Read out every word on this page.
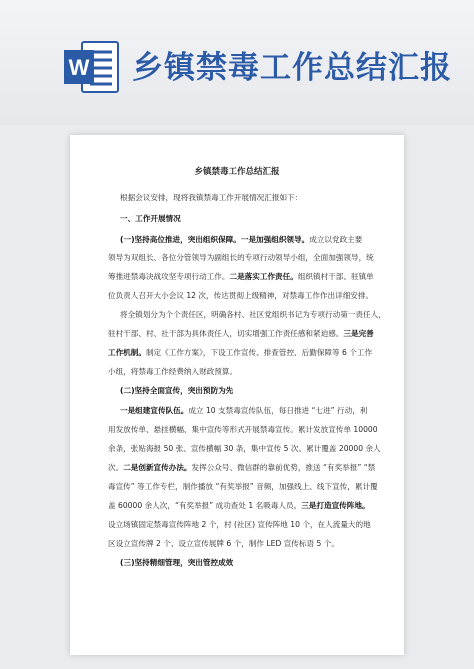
W 乡镇禁毒工作总结汇报
乡镇禁毒工作总结汇报
根据会议安排，现将我镇禁毒工作开展情况汇报如下：
一、工作开展情况
(一)坚持高位推进，突出组织保障。一是加强组织领导。成立以党政主要
领导为双组长、各位分管领导为副组长的专项行动领导小组，全面加强领导，统
筹推进禁毒决战攻坚专项行动工作。二是落实工作责任。组织镇村干部、驻镇单
位负责人召开大小会议 12 次，传达贯彻上级精神，对禁毒工作作出详细安排。
将全镇划分为个个责任区，明确各村、社区党组织书记为专项行动第一责任人，
驻村干部、村、社干部为具体责任人，切实增强工作责任感和紧迫感。三是完善
工作机制。制定《工作方案》，下设工作宣传、排查管控、后勤保障等 6 个工作
小组，将禁毒工作经费纳入财政预算。
(二)坚持全面宣传，突出预防为先
一是组建宣传队伍。成立 10 支禁毒宣传队伍，每日推进 “七进” 行动，利
用发放传单、悬挂横幅、集中宣传等形式开展禁毒宣传。累计发放宣传单 10000
余条，张贴海报 50 张、宣传横幅 30 条，集中宣传 5 次。累计覆盖 20000 余人
次。二是创新宣传办法。发挥公众号、微信群的靠前优势，推送 “有奖举报” “禁
毒宣传” 等工作专栏，制作播放 “有奖举报” 音频，加强线上、线下宣传，累计覆
盖 60000 余人次，“有奖举报” 成功查处 1 名吸毒人员。三是打造宣传阵地。
设立场镇固定禁毒宣传阵地 2 个，村 (社区) 宣传阵地 10 个，在人流量大的地
区设立宣传牌 2 个、设立宣传展牌 6 个，制作 LED 宣传标语 5 个。
(三)坚持精细管理，突出管控成效
